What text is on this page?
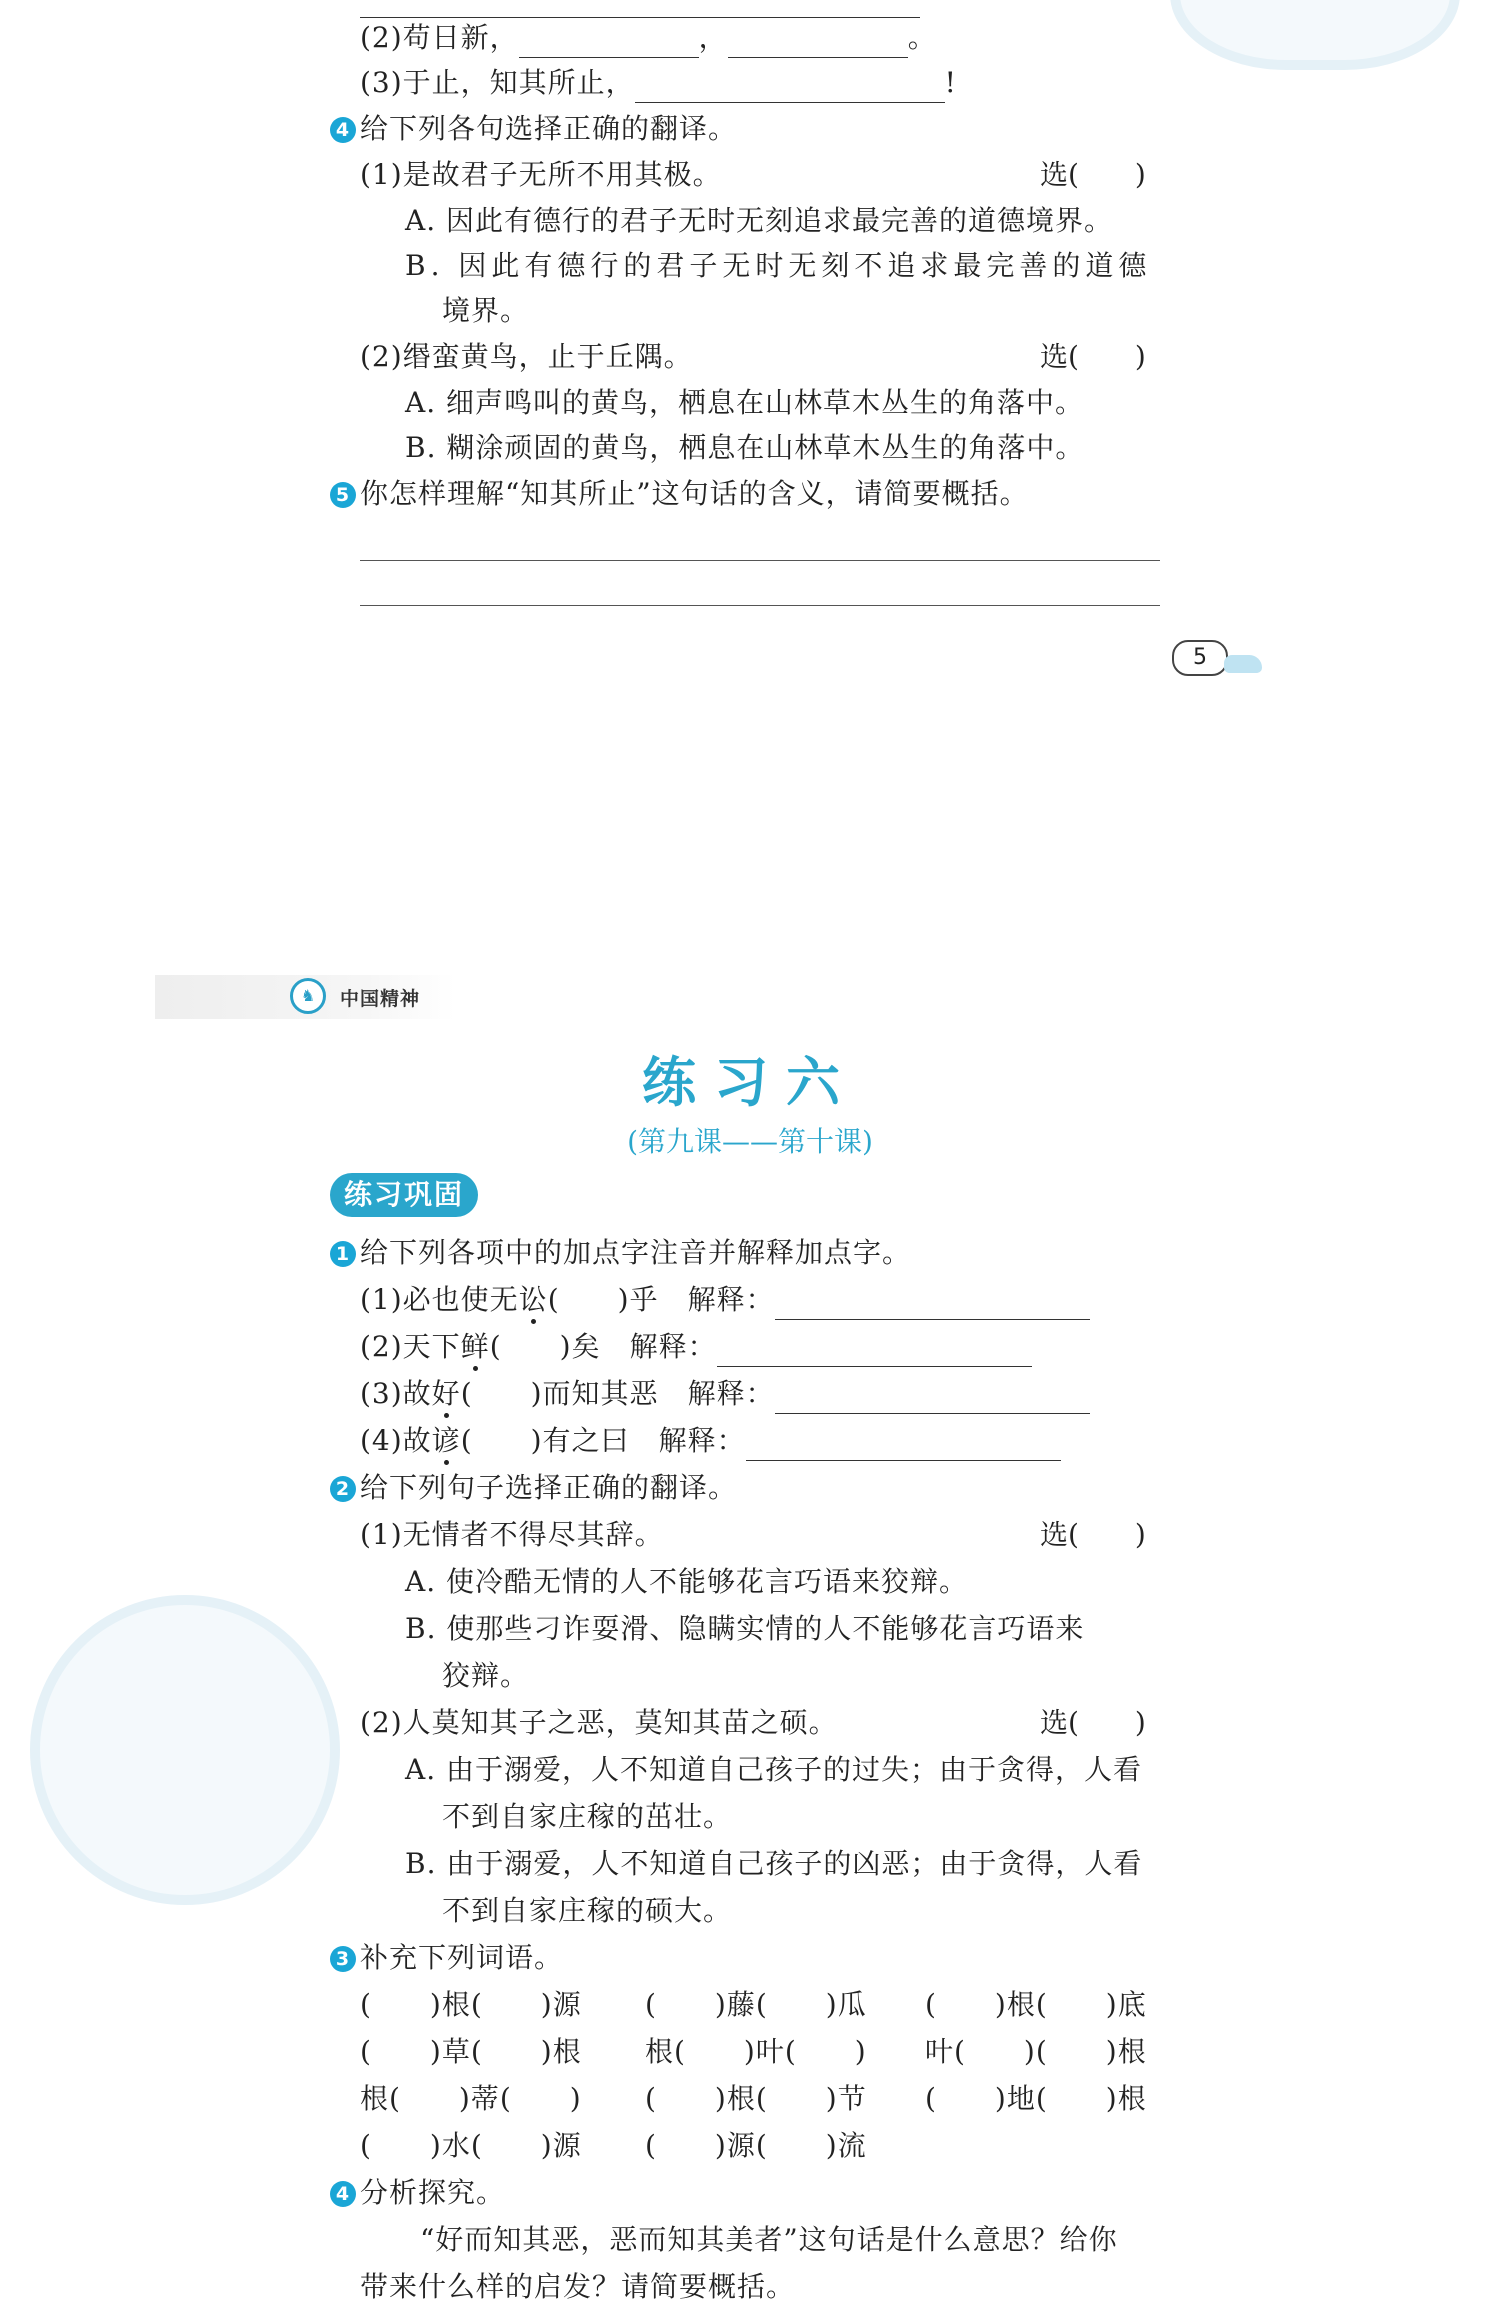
(2)苟日新，	，	。
(3)于止，知其所止，	!
4 给下列各句选择正确的翻译。
(1)是故君子无所不用其极。	选(　　)
A. 因此有德行的君子无时无刻追求最完善的道德境界。
B. 因此有德行的君子无时无刻不追求最完善的道德
境界。
(2)缗蛮黄鸟，止于丘隅。	选(　　)
A. 细声鸣叫的黄鸟，栖息在山林草木丛生的角落中。
B. 糊涂顽固的黄鸟，栖息在山林草木丛生的角落中。
5 你怎样理解“知其所止”这句话的含义，请简要概括。
5
♞	中国精神
练习六
(第九课——第十课)
练习巩固
1 给下列各项中的加点字注音并解释加点字。
(1)必也使无讼(　　)乎　 解释：
(2)天下鲜(　　)矣　 解释：
(3)故好(　　)而知其恶　 解释：
(4)故谚(　　)有之曰　 解释：
2 给下列句子选择正确的翻译。
(1)无情者不得尽其辞。	选(　　)
A. 使冷酷无情的人不能够花言巧语来狡辩。
B. 使那些刁诈耍滑、隐瞒实情的人不能够花言巧语来
狡辩。
(2)人莫知其子之恶，莫知其苗之硕。	选(　　)
A. 由于溺爱，人不知道自己孩子的过失；由于贪得，人看
不到自家庄稼的茁壮。
B. 由于溺爱，人不知道自己孩子的凶恶；由于贪得，人看
不到自家庄稼的硕大。
3 补充下列词语。
(　　)根(　　)源 (　　)藤(　　)瓜 (　　)根(　　)底
(　　)草(　　)根 根(　　)叶(　　) 叶(　　)(　　)根
根(　　)蒂(　　) (　　)根(　　)节 (　　)地(　　)根
(　　)水(　　)源 (　　)源(　　)流
4 分析探究。
“好而知其恶，恶而知其美者”这句话是什么意思？给你
带来什么样的启发？请简要概括。
